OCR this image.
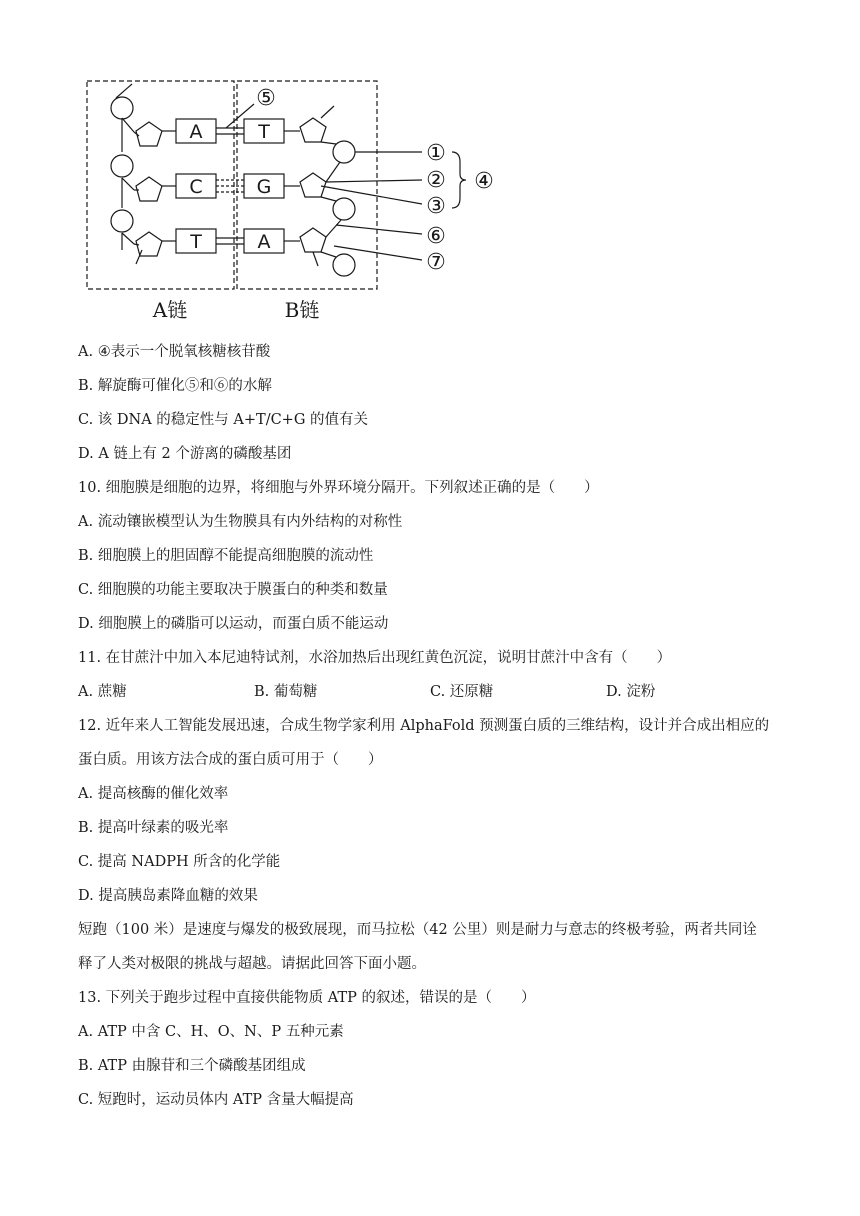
A
C
T
T
G
A
⑤
①
②
③
④
⑥
⑦
A链	B链
A. ④表示一个脱氧核糖核苷酸
B. 解旋酶可催化⑤和⑥的水解
C. 该 DNA 的稳定性与 A+T/C+G 的值有关
D. A 链上有 2 个游离的磷酸基团
10. 细胞膜是细胞的边界，将细胞与外界环境分隔开。下列叙述正确的是（　　）
A. 流动镶嵌模型认为生物膜具有内外结构的对称性
B. 细胞膜上的胆固醇不能提高细胞膜的流动性
C. 细胞膜的功能主要取决于膜蛋白的种类和数量
D. 细胞膜上的磷脂可以运动，而蛋白质不能运动
11. 在甘蔗汁中加入本尼迪特试剂，水浴加热后出现红黄色沉淀，说明甘蔗汁中含有（　　）
A. 蔗糖	B. 葡萄糖	C. 还原糖	D. 淀粉
12. 近年来人工智能发展迅速，合成生物学家利用 AlphaFold 预测蛋白质的三维结构，设计并合成出相应的
蛋白质。用该方法合成的蛋白质可用于（　　）
A. 提高核酶的催化效率
B. 提高叶绿素的吸光率
C. 提高 NADPH 所含的化学能
D. 提高胰岛素降血糖的效果
短跑（100 米）是速度与爆发的极致展现，而马拉松（42 公里）则是耐力与意志的终极考验，两者共同诠
释了人类对极限的挑战与超越。请据此回答下面小题。
13. 下列关于跑步过程中直接供能物质 ATP 的叙述，错误的是（　　）
A. ATP 中含 C、H、O、N、P 五种元素
B. ATP 由腺苷和三个磷酸基团组成
C. 短跑时，运动员体内 ATP 含量大幅提高
